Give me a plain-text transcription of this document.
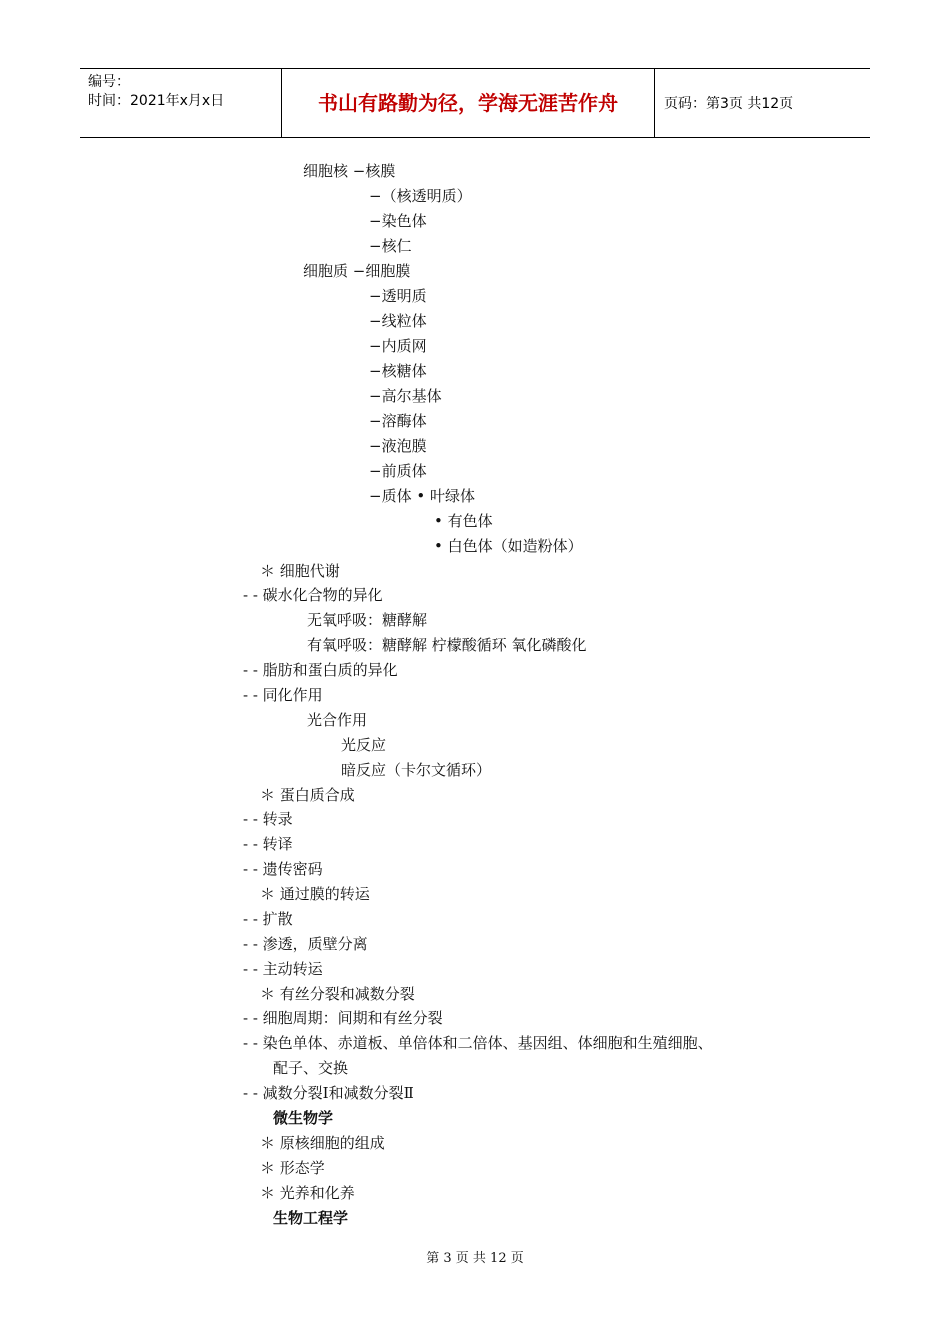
编号：
时间：2021年x月x日	书山有路勤为径，学海无涯苦作舟	页码：第3页 共12页
细胞核 −核膜
−（核透明质）
−染色体
−核仁
细胞质 −细胞膜
−透明质
−线粒体
−内质网
−核糖体
−高尔基体
−溶酶体
−液泡膜
−前质体
−质体 • 叶绿体
• 有色体
• 白色体（如造粉体）
＊ 细胞代谢
- - 碳水化合物的异化
无氧呼吸：糖酵解
有氧呼吸：糖酵解 柠檬酸循环 氧化磷酸化
- - 脂肪和蛋白质的异化
- - 同化作用
光合作用
光反应
暗反应（卡尔文循环）
＊ 蛋白质合成
- - 转录
- - 转译
- - 遗传密码
＊ 通过膜的转运
- - 扩散
- - 渗透，质壁分离
- - 主动转运
＊ 有丝分裂和减数分裂
- - 细胞周期：间期和有丝分裂
- - 染色单体、赤道板、单倍体和二倍体、基因组、体细胞和生殖细胞、
配子、交换
- - 减数分裂Ⅰ和减数分裂Ⅱ
微生物学
＊ 原核细胞的组成
＊ 形态学
＊ 光养和化养
生物工程学
第 3 页 共 12 页
